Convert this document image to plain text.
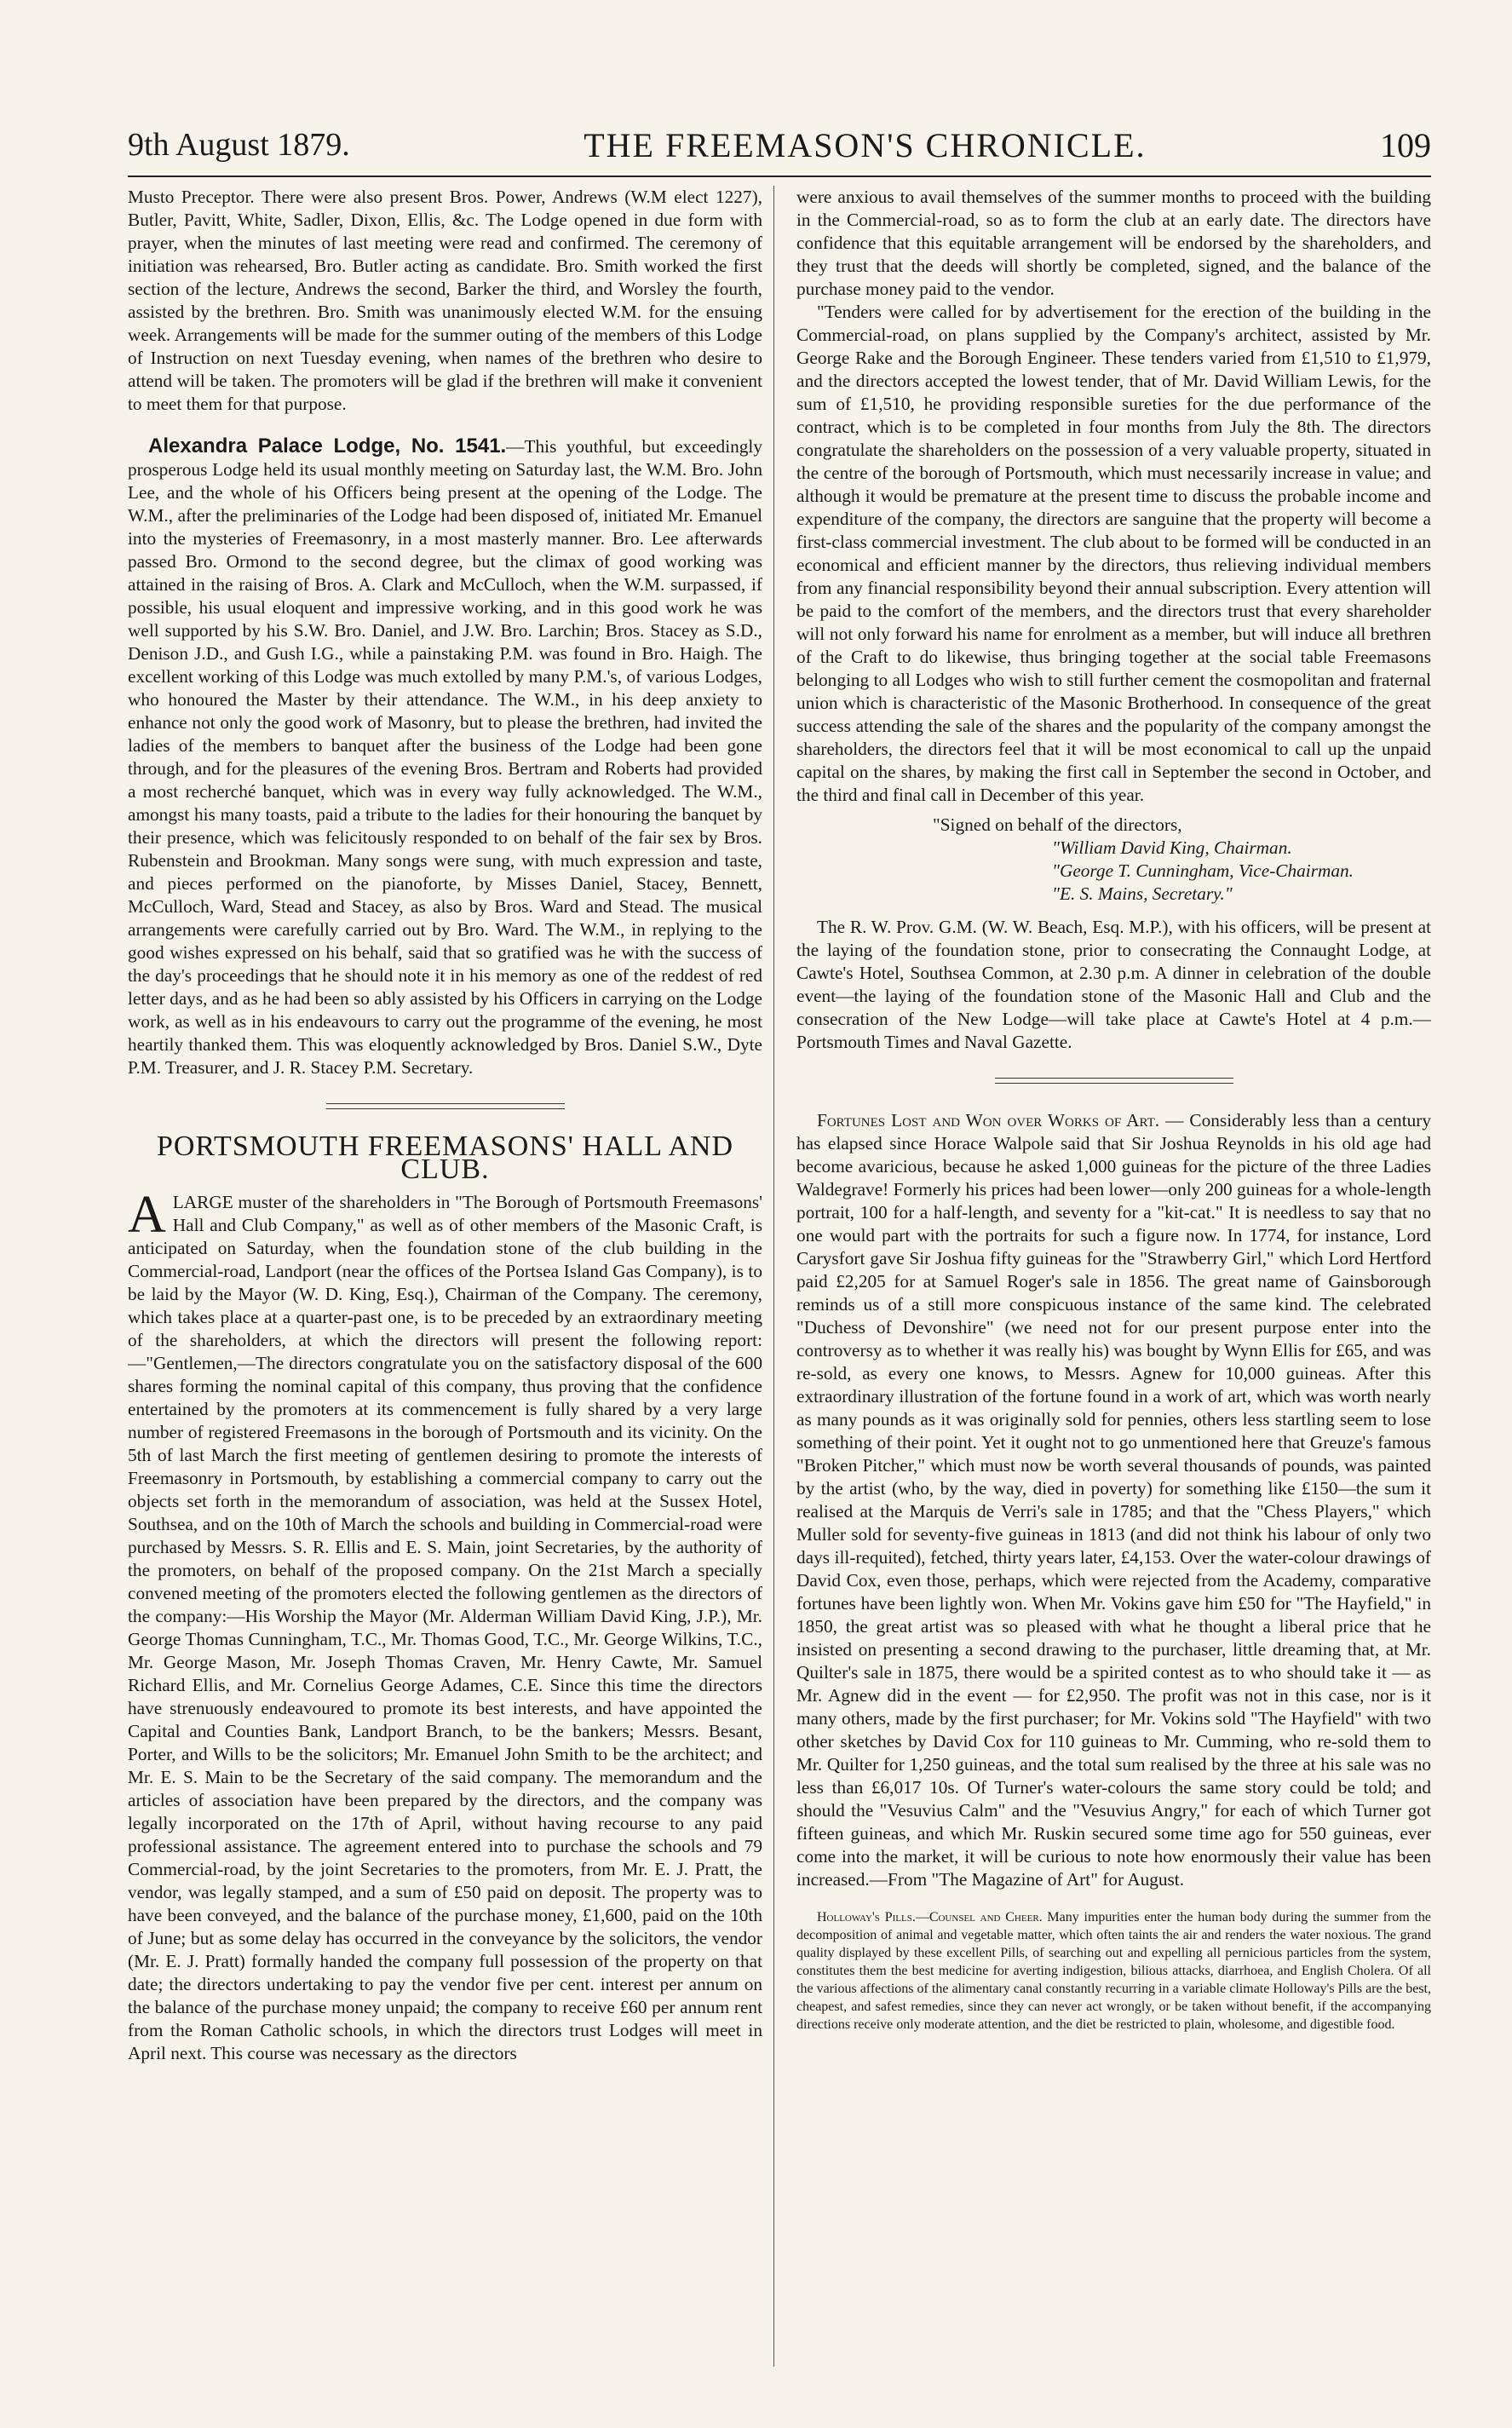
9th August 1879.	THE FREEMASON'S CHRONICLE.	109

Musto Preceptor. There were also present Bros. Power, Andrews (W.M elect 1227), Butler, Pavitt, White, Sadler, Dixon, Ellis, &c. The Lodge opened in due form with prayer, when the minutes of last meeting were read and confirmed. The ceremony of initiation was rehearsed, Bro. Butler acting as candidate. Bro. Smith worked the first section of the lecture, Andrews the second, Barker the third, and Worsley the fourth, assisted by the brethren. Bro. Smith was unanimously elected W.M. for the ensuing week. Arrangements will be made for the summer outing of the members of this Lodge of Instruction on next Tuesday evening, when names of the brethren who desire to attend will be taken. The promoters will be glad if the brethren will make it convenient to meet them for that purpose.

Alexandra Palace Lodge, No. 1541.—This youthful, but exceedingly prosperous Lodge held its usual monthly meeting on Saturday last, the W.M. Bro. John Lee, and the whole of his Officers being present at the opening of the Lodge. The W.M., after the preliminaries of the Lodge had been disposed of, initiated Mr. Emanuel into the mysteries of Freemasonry, in a most masterly manner. Bro. Lee afterwards passed Bro. Ormond to the second degree, but the climax of good working was attained in the raising of Bros. A. Clark and McCulloch, when the W.M. surpassed, if possible, his usual eloquent and impressive working, and in this good work he was well supported by his S.W. Bro. Daniel, and J.W. Bro. Larchin; Bros. Stacey as S.D., Denison J.D., and Gush I.G., while a painstaking P.M. was found in Bro. Haigh. The excellent working of this Lodge was much extolled by many P.M.'s, of various Lodges, who honoured the Master by their attendance. The W.M., in his deep anxiety to enhance not only the good work of Masonry, but to please the brethren, had invited the ladies of the members to banquet after the business of the Lodge had been gone through, and for the pleasures of the evening Bros. Bertram and Roberts had provided a most recherché banquet, which was in every way fully acknowledged. The W.M., amongst his many toasts, paid a tribute to the ladies for their honouring the banquet by their presence, which was felicitously responded to on behalf of the fair sex by Bros. Rubenstein and Brookman. Many songs were sung, with much expression and taste, and pieces performed on the pianoforte, by Misses Daniel, Stacey, Bennett, McCulloch, Ward, Stead and Stacey, as also by Bros. Ward and Stead. The musical arrangements were carefully carried out by Bro. Ward. The W.M., in replying to the good wishes expressed on his behalf, said that so gratified was he with the success of the day's proceedings that he should note it in his memory as one of the reddest of red letter days, and as he had been so ably assisted by his Officers in carrying on the Lodge work, as well as in his endeavours to carry out the programme of the evening, he most heartily thanked them. This was eloquently acknowledged by Bros. Daniel S.W., Dyte P.M. Treasurer, and J. R. Stacey P.M. Secretary.

PORTSMOUTH FREEMASONS' HALL AND CLUB.

A LARGE muster of the shareholders in "The Borough of Portsmouth Freemasons' Hall and Club Company," as well as of other members of the Masonic Craft, is anticipated on Saturday, when the foundation stone of the club building in the Commercial-road, Landport (near the offices of the Portsea Island Gas Company), is to be laid by the Mayor (W. D. King, Esq.), Chairman of the Company. The ceremony, which takes place at a quarter-past one, is to be preceded by an extraordinary meeting of the shareholders, at which the directors will present the following report:—"Gentlemen,—The directors congratulate you on the satisfactory disposal of the 600 shares forming the nominal capital of this company, thus proving that the confidence entertained by the promoters at its commencement is fully shared by a very large number of registered Freemasons in the borough of Portsmouth and its vicinity. On the 5th of last March the first meeting of gentlemen desiring to promote the interests of Freemasonry in Portsmouth, by establishing a commercial company to carry out the objects set forth in the memorandum of association, was held at the Sussex Hotel, Southsea, and on the 10th of March the schools and building in Commercial-road were purchased by Messrs. S. R. Ellis and E. S. Main, joint Secretaries, by the authority of the promoters, on behalf of the proposed company. On the 21st March a specially convened meeting of the promoters elected the following gentlemen as the directors of the company:—His Worship the Mayor (Mr. Alderman William David King, J.P.), Mr. George Thomas Cunningham, T.C., Mr. Thomas Good, T.C., Mr. George Wilkins, T.C., Mr. George Mason, Mr. Joseph Thomas Craven, Mr. Henry Cawte, Mr. Samuel Richard Ellis, and Mr. Cornelius George Adames, C.E. Since this time the directors have strenuously endeavoured to promote its best interests, and have appointed the Capital and Counties Bank, Landport Branch, to be the bankers; Messrs. Besant, Porter, and Wills to be the solicitors; Mr. Emanuel John Smith to be the architect; and Mr. E. S. Main to be the Secretary of the said company. The memorandum and the articles of association have been prepared by the directors, and the company was legally incorporated on the 17th of April, without having recourse to any paid professional assistance. The agreement entered into to purchase the schools and 79 Commercial-road, by the joint Secretaries to the promoters, from Mr. E. J. Pratt, the vendor, was legally stamped, and a sum of £50 paid on deposit. The property was to have been conveyed, and the balance of the purchase money, £1,600, paid on the 10th of June; but as some delay has occurred in the conveyance by the solicitors, the vendor (Mr. E. J. Pratt) formally handed the company full possession of the property on that date; the directors undertaking to pay the vendor five per cent. interest per annum on the balance of the purchase money unpaid; the company to receive £60 per annum rent from the Roman Catholic schools, in which the directors trust Lodges will meet in April next. This course was necessary as the directors

were anxious to avail themselves of the summer months to proceed with the building in the Commercial-road, so as to form the club at an early date. The directors have confidence that this equitable arrangement will be endorsed by the shareholders, and they trust that the deeds will shortly be completed, signed, and the balance of the purchase money paid to the vendor.

"Tenders were called for by advertisement for the erection of the building in the Commercial-road, on plans supplied by the Company's architect, assisted by Mr. George Rake and the Borough Engineer. These tenders varied from £1,510 to £1,979, and the directors accepted the lowest tender, that of Mr. David William Lewis, for the sum of £1,510, he providing responsible sureties for the due performance of the contract, which is to be completed in four months from July the 8th. The directors congratulate the shareholders on the possession of a very valuable property, situated in the centre of the borough of Portsmouth, which must necessarily increase in value; and although it would be premature at the present time to discuss the probable income and expenditure of the company, the directors are sanguine that the property will become a first-class commercial investment. The club about to be formed will be conducted in an economical and efficient manner by the directors, thus relieving individual members from any financial responsibility beyond their annual subscription. Every attention will be paid to the comfort of the members, and the directors trust that every shareholder will not only forward his name for enrolment as a member, but will induce all brethren of the Craft to do likewise, thus bringing together at the social table Freemasons belonging to all Lodges who wish to still further cement the cosmopolitan and fraternal union which is characteristic of the Masonic Brotherhood. In consequence of the great success attending the sale of the shares and the popularity of the company amongst the shareholders, the directors feel that it will be most economical to call up the unpaid capital on the shares, by making the first call in September the second in October, and the third and final call in December of this year.

"Signed on behalf of the directors,

"William David King, Chairman.

"George T. Cunningham, Vice-Chairman.

"E. S. Mains, Secretary."

The R. W. Prov. G.M. (W. W. Beach, Esq. M.P.), with his officers, will be present at the laying of the foundation stone, prior to consecrating the Connaught Lodge, at Cawte's Hotel, Southsea Common, at 2.30 p.m. A dinner in celebration of the double event—the laying of the foundation stone of the Masonic Hall and Club and the consecration of the New Lodge—will take place at Cawte's Hotel at 4 p.m.—Portsmouth Times and Naval Gazette.

Fortunes Lost and Won over Works of Art. — Considerably less than a century has elapsed since Horace Walpole said that Sir Joshua Reynolds in his old age had become avaricious, because he asked 1,000 guineas for the picture of the three Ladies Waldegrave! Formerly his prices had been lower—only 200 guineas for a whole-length portrait, 100 for a half-length, and seventy for a "kit-cat." It is needless to say that no one would part with the portraits for such a figure now. In 1774, for instance, Lord Carysfort gave Sir Joshua fifty guineas for the "Strawberry Girl," which Lord Hertford paid £2,205 for at Samuel Roger's sale in 1856. The great name of Gainsborough reminds us of a still more conspicuous instance of the same kind. The celebrated "Duchess of Devonshire" (we need not for our present purpose enter into the controversy as to whether it was really his) was bought by Wynn Ellis for £65, and was re-sold, as every one knows, to Messrs. Agnew for 10,000 guineas. After this extraordinary illustration of the fortune found in a work of art, which was worth nearly as many pounds as it was originally sold for pennies, others less startling seem to lose something of their point. Yet it ought not to go unmentioned here that Greuze's famous "Broken Pitcher," which must now be worth several thousands of pounds, was painted by the artist (who, by the way, died in poverty) for something like £150—the sum it realised at the Marquis de Verri's sale in 1785; and that the "Chess Players," which Muller sold for seventy-five guineas in 1813 (and did not think his labour of only two days ill-requited), fetched, thirty years later, £4,153. Over the water-colour drawings of David Cox, even those, perhaps, which were rejected from the Academy, comparative fortunes have been lightly won. When Mr. Vokins gave him £50 for "The Hayfield," in 1850, the great artist was so pleased with what he thought a liberal price that he insisted on presenting a second drawing to the purchaser, little dreaming that, at Mr. Quilter's sale in 1875, there would be a spirited contest as to who should take it — as Mr. Agnew did in the event — for £2,950. The profit was not in this case, nor is it many others, made by the first purchaser; for Mr. Vokins sold "The Hayfield" with two other sketches by David Cox for 110 guineas to Mr. Cumming, who re-sold them to Mr. Quilter for 1,250 guineas, and the total sum realised by the three at his sale was no less than £6,017 10s. Of Turner's water-colours the same story could be told; and should the "Vesuvius Calm" and the "Vesuvius Angry," for each of which Turner got fifteen guineas, and which Mr. Ruskin secured some time ago for 550 guineas, ever come into the market, it will be curious to note how enormously their value has been increased.—From "The Magazine of Art" for August.

Holloway's Pills.—Counsel and Cheer. Many impurities enter the human body during the summer from the decomposition of animal and vegetable matter, which often taints the air and renders the water noxious. The grand quality displayed by these excellent Pills, of searching out and expelling all pernicious particles from the system, constitutes them the best medicine for averting indigestion, bilious attacks, diarrhoea, and English Cholera. Of all the various affections of the alimentary canal constantly recurring in a variable climate Holloway's Pills are the best, cheapest, and safest remedies, since they can never act wrongly, or be taken without benefit, if the accompanying directions receive only moderate attention, and the diet be restricted to plain, wholesome, and digestible food.
